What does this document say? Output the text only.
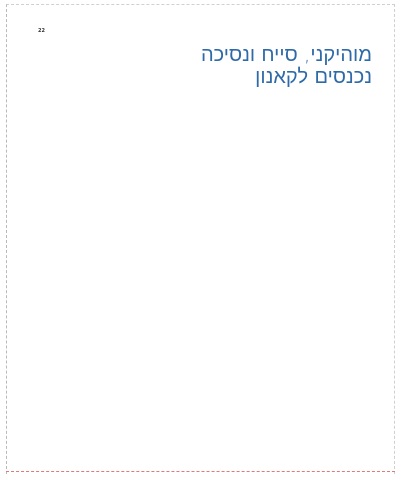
22
מוהיקני, סייח ונסיכה
נכנסים לקאנון
